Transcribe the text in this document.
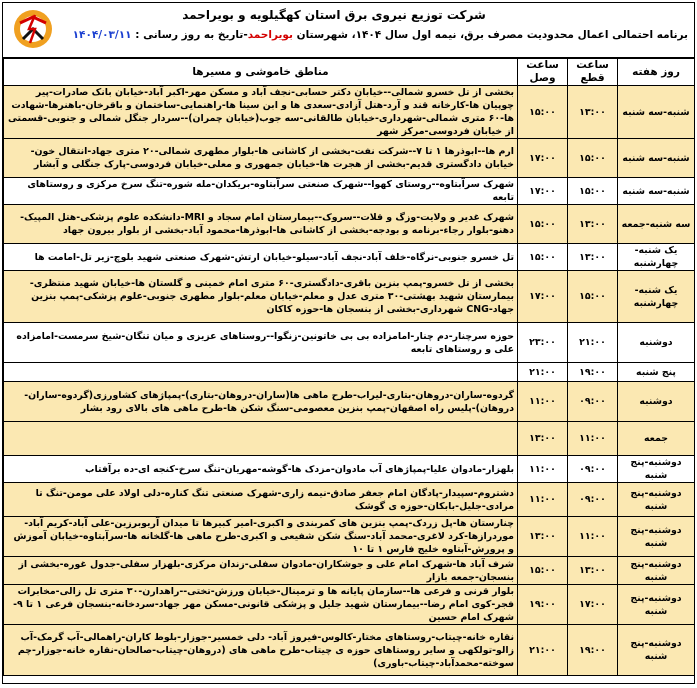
شرکت توزیع نیروی برق استان کهگیلویه و بویراحمد
برنامه احتمالی اعمال محدودیت مصرف برق، نیمه اول سال ۱۴۰۴، شهرستان بویراحمد-تاریخ به روز رسانی : ۱۴۰۴/۰۳/۱۱
روز هفته	ساعت قطع	ساعت وصل	مناطق خاموشی و مسیرها
شنبه-سه شنبه	۱۳:۰۰	۱۵:۰۰	بخشی از تل خسرو شمالی--خیابان دکتر حسابی-نجف آباد و مسکن مهر-اکبر آباد-خیابان بانک صادرات-پیر چوپیان ها-کارخانه قند و آرد-هتل آزادی-سعدی ها و ابن سینا ها-راهنمایی-ساختمان و باقرخان-باهنرها-شهادت ها-۶۰ متری شمالی-شهرداری-خیابان طالقانی-سه جوب(خیابان چمران)--سردار جنگل شمالی و جنوبی-قسمتی از خیابان فردوسی-مرکز شهر
شنبه-سه شنبه	۱۵:۰۰	۱۷:۰۰	ارم ها--ابوذرها ۱ تا ۷--شرکت نفت-بخشی از کاشانی ها-بلوار مطهری شمالی-۲۰ متری جهاد-انتقال خون-خیابان دادگستری قدیم-بخشی از هجرت ها-خیابان جمهوری و معلی-خیابان فردوسی-پارک جنگلی و آبشار
شنبه-سه شنبه	۱۵:۰۰	۱۷:۰۰	شهرک سرآبتاوه--روستای کهوا--شهرک صنعتی سرآبتاوه-بریکدان-مله شوره-تنگ سرخ مرکزی و روستاهای تابعه
سه شنبه-جمعه	۱۳:۰۰	۱۵:۰۰	شهرک غدیر و ولایت-وزگ و قلات--سروک--بیمارستان امام سجاد و MRI-دانشکده علوم پزشکی-هتل المپیک-دهنو-بلوار رجاء-برنامه و بودجه-بخشی از کاشانی ها-ابوذرها-محمود آباد-بخشی از بلوار بیرون جهاد
یک شنبه-چهارشنبه	۱۳:۰۰	۱۵:۰۰	تل خسرو جنوبی-نرگاه-خلف آباد-نجف آباد-سیلو-خیابان ارتش-شهرک صنعتی شهید بلوچ-زیر تل-امامت ها
یک شنبه-چهارشنبه	۱۵:۰۰	۱۷:۰۰	بخشی از تل خسرو-پمپ بنزین باقری-دادگستری-۶۰ متری امام خمینی و گلستان ها-خیابان شهید منتظری-بیمارستان شهید بهشتی-۳۰ متری عدل و معلم-خیابان معلم-بلوار مطهری جنوبی-علوم پزشکی-پمپ بنزین جهاد-CNG شهرداری-بخشی از بنسجان ها-حوزه کاکان
دوشنبه	۲۱:۰۰	۲۳:۰۰	حوزه سرچنار-دم چنار-امامزاده بی بی خاتونین-زنگوا--روستاهای عزیزی و میان تنگان-شیخ سرمست-امامزاده علی و روستاهای تابعه
پنج شنبه	۱۹:۰۰	۲۱:۰۰	
دوشنبه	۰۹:۰۰	۱۱:۰۰	گردوه-ساران-دروهان-بتاری-لیراب-طرح ماهی ها(ساران-دروهان-بتاری)-پمپاژهای کشاورزی(گردوه-ساران-دروهان)-پلیس راه اصفهان-پمپ بنزین معصومی-سنگ شکن ها-طرح ماهی های بالای رود بشار
جمعه	۱۱:۰۰	۱۳:۰۰	
دوشنبه-پنج شنبه	۰۹:۰۰	۱۱:۰۰	بلهزار-مادوان علیا-پمپاژهای آب مادوان-مزدک ها-گوشه-مهریان-تنگ سرخ-کنجه ای-ده برآفتاب
دوشنبه-پنج شنبه	۰۹:۰۰	۱۱:۰۰	دشتروم-سپیدار-پادگان امام جعفر صادق-نیمه زاری-شهرک صنعتی تنگ کناره-دلی اولاد علی مومن-تنگ تا مرادی-جلیل-بابکان-حوزه ی گوشک
دوشنبه-پنج شنبه	۱۱:۰۰	۱۳:۰۰	چنارستان ها-پل زردک-پمپ بنزین های کمربندی و اکبری-امیر کبیرها تا میدان آریوبرزین-علی آباد-کریم آباد-موردرازها-کرد لاغری-محمد آباد-سنگ شکن شفیعی و اکبری-طرح ماهی ها-گلخانه ها-سرآبتاوه-خیابان آموزش و پرورش-آبتاوه خلیج فارس ۱ تا ۱۰
دوشنبه-پنج شنبه	۱۳:۰۰	۱۵:۰۰	شرف آباد ها-شهرک امام علی و جوشکاران-مادوان سفلی-زندان مرکزی-بلهزار سفلی-جدول غوره-بخشی از بنسجان-جمعه بازار
دوشنبه-پنج شنبه	۱۷:۰۰	۱۹:۰۰	بلوار قرنی و فرعی ها--سازمان پایانه ها و ترمینال-خیابان ورزش-تختی--راهدارن-۳۰ متری تل زالی-مخابرات فجر-کوی امام رضا--بیمارستان شهید جلیل و پزشکی قانونی-مسکن مهر جهاد-سردخانه-بنسجان فرعی ۱ تا ۹-شهرک امام حسین
دوشنبه-پنج شنبه	۱۹:۰۰	۲۱:۰۰	نقاره خانه-چیتاب-روستاهای مختار-کالوس-فیروز آباد- دلی خمسیر-جوزار-بلوط کاران-راهمالی-آب گرمک-آب زالو-تولکهی و سایر روستاهای حوزه ی چیتاب-طرح ماهی های (دروهان-چیتاب-صالحان-نقاره خانه-جوزار-چم سوخته-محمدآباد-چیتاب-باوری)
